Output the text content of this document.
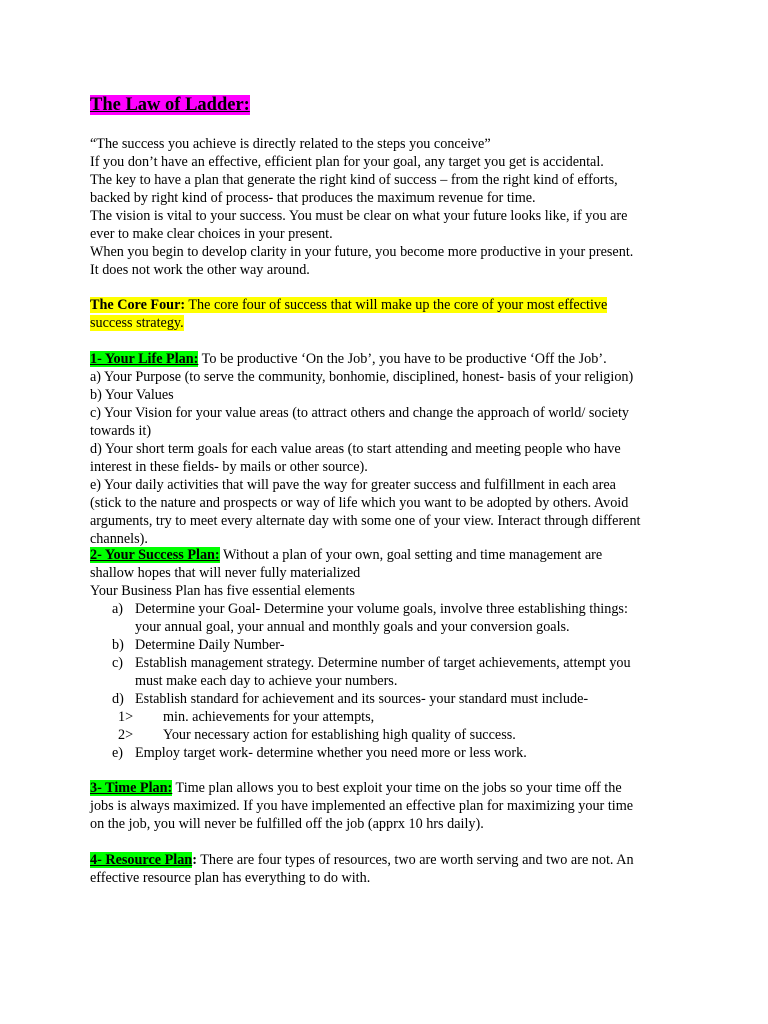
The Law of Ladder:
“The success you achieve is directly related to the steps you conceive”
If you don’t have an effective, efficient plan for your goal, any target you get is accidental.
The key to have a plan that generate the right kind of success – from the right kind of efforts,
backed by right kind of process- that produces the maximum revenue for time.
The vision is vital to your success. You must be clear on what your future looks like, if you are
ever to make clear choices in your present.
When you begin to develop clarity in your future, you become more productive in your present.
It does not work the other way around.
The Core Four: The core four of success that will make up the core of your most effective
success strategy.
1- Your Life Plan: To be productive ‘On the Job’, you have to be productive ‘Off the Job’.
a) Your Purpose (to serve the community, bonhomie, disciplined, honest- basis of your religion)
b) Your Values
c) Your Vision for your value areas (to attract others and change the approach of world/ society
towards it)
d) Your short term goals for each value areas (to start attending and meeting people who have
interest in these fields- by mails or other source).
e) Your daily activities that will pave the way for greater success and fulfillment in each area
(stick to the nature and prospects or way of life which you want to be adopted by others. Avoid
arguments, try to meet every alternate day with some one of your view. Interact through different
channels).
2- Your Success Plan: Without a plan of your own, goal setting and time management are
shallow hopes that will never fully materialized
Your Business Plan has five essential elements
a) Determine your Goal- Determine your volume goals, involve three establishing things:
your annual goal, your annual and monthly goals and your conversion goals.
b) Determine Daily Number-
c) Establish management strategy. Determine number of target achievements, attempt you
must make each day to achieve your numbers.
d) Establish standard for achievement and its sources- your standard must include-
1> min. achievements for your attempts,
2> Your necessary action for establishing high quality of success.
e) Employ target work- determine whether you need more or less work.
3- Time Plan: Time plan allows you to best exploit your time on the jobs so your time off the
jobs is always maximized. If you have implemented an effective plan for maximizing your time
on the job, you will never be fulfilled off the job (apprx 10 hrs daily).
4- Resource Plan: There are four types of resources, two are worth serving and two are not. An
effective resource plan has everything to do with.
